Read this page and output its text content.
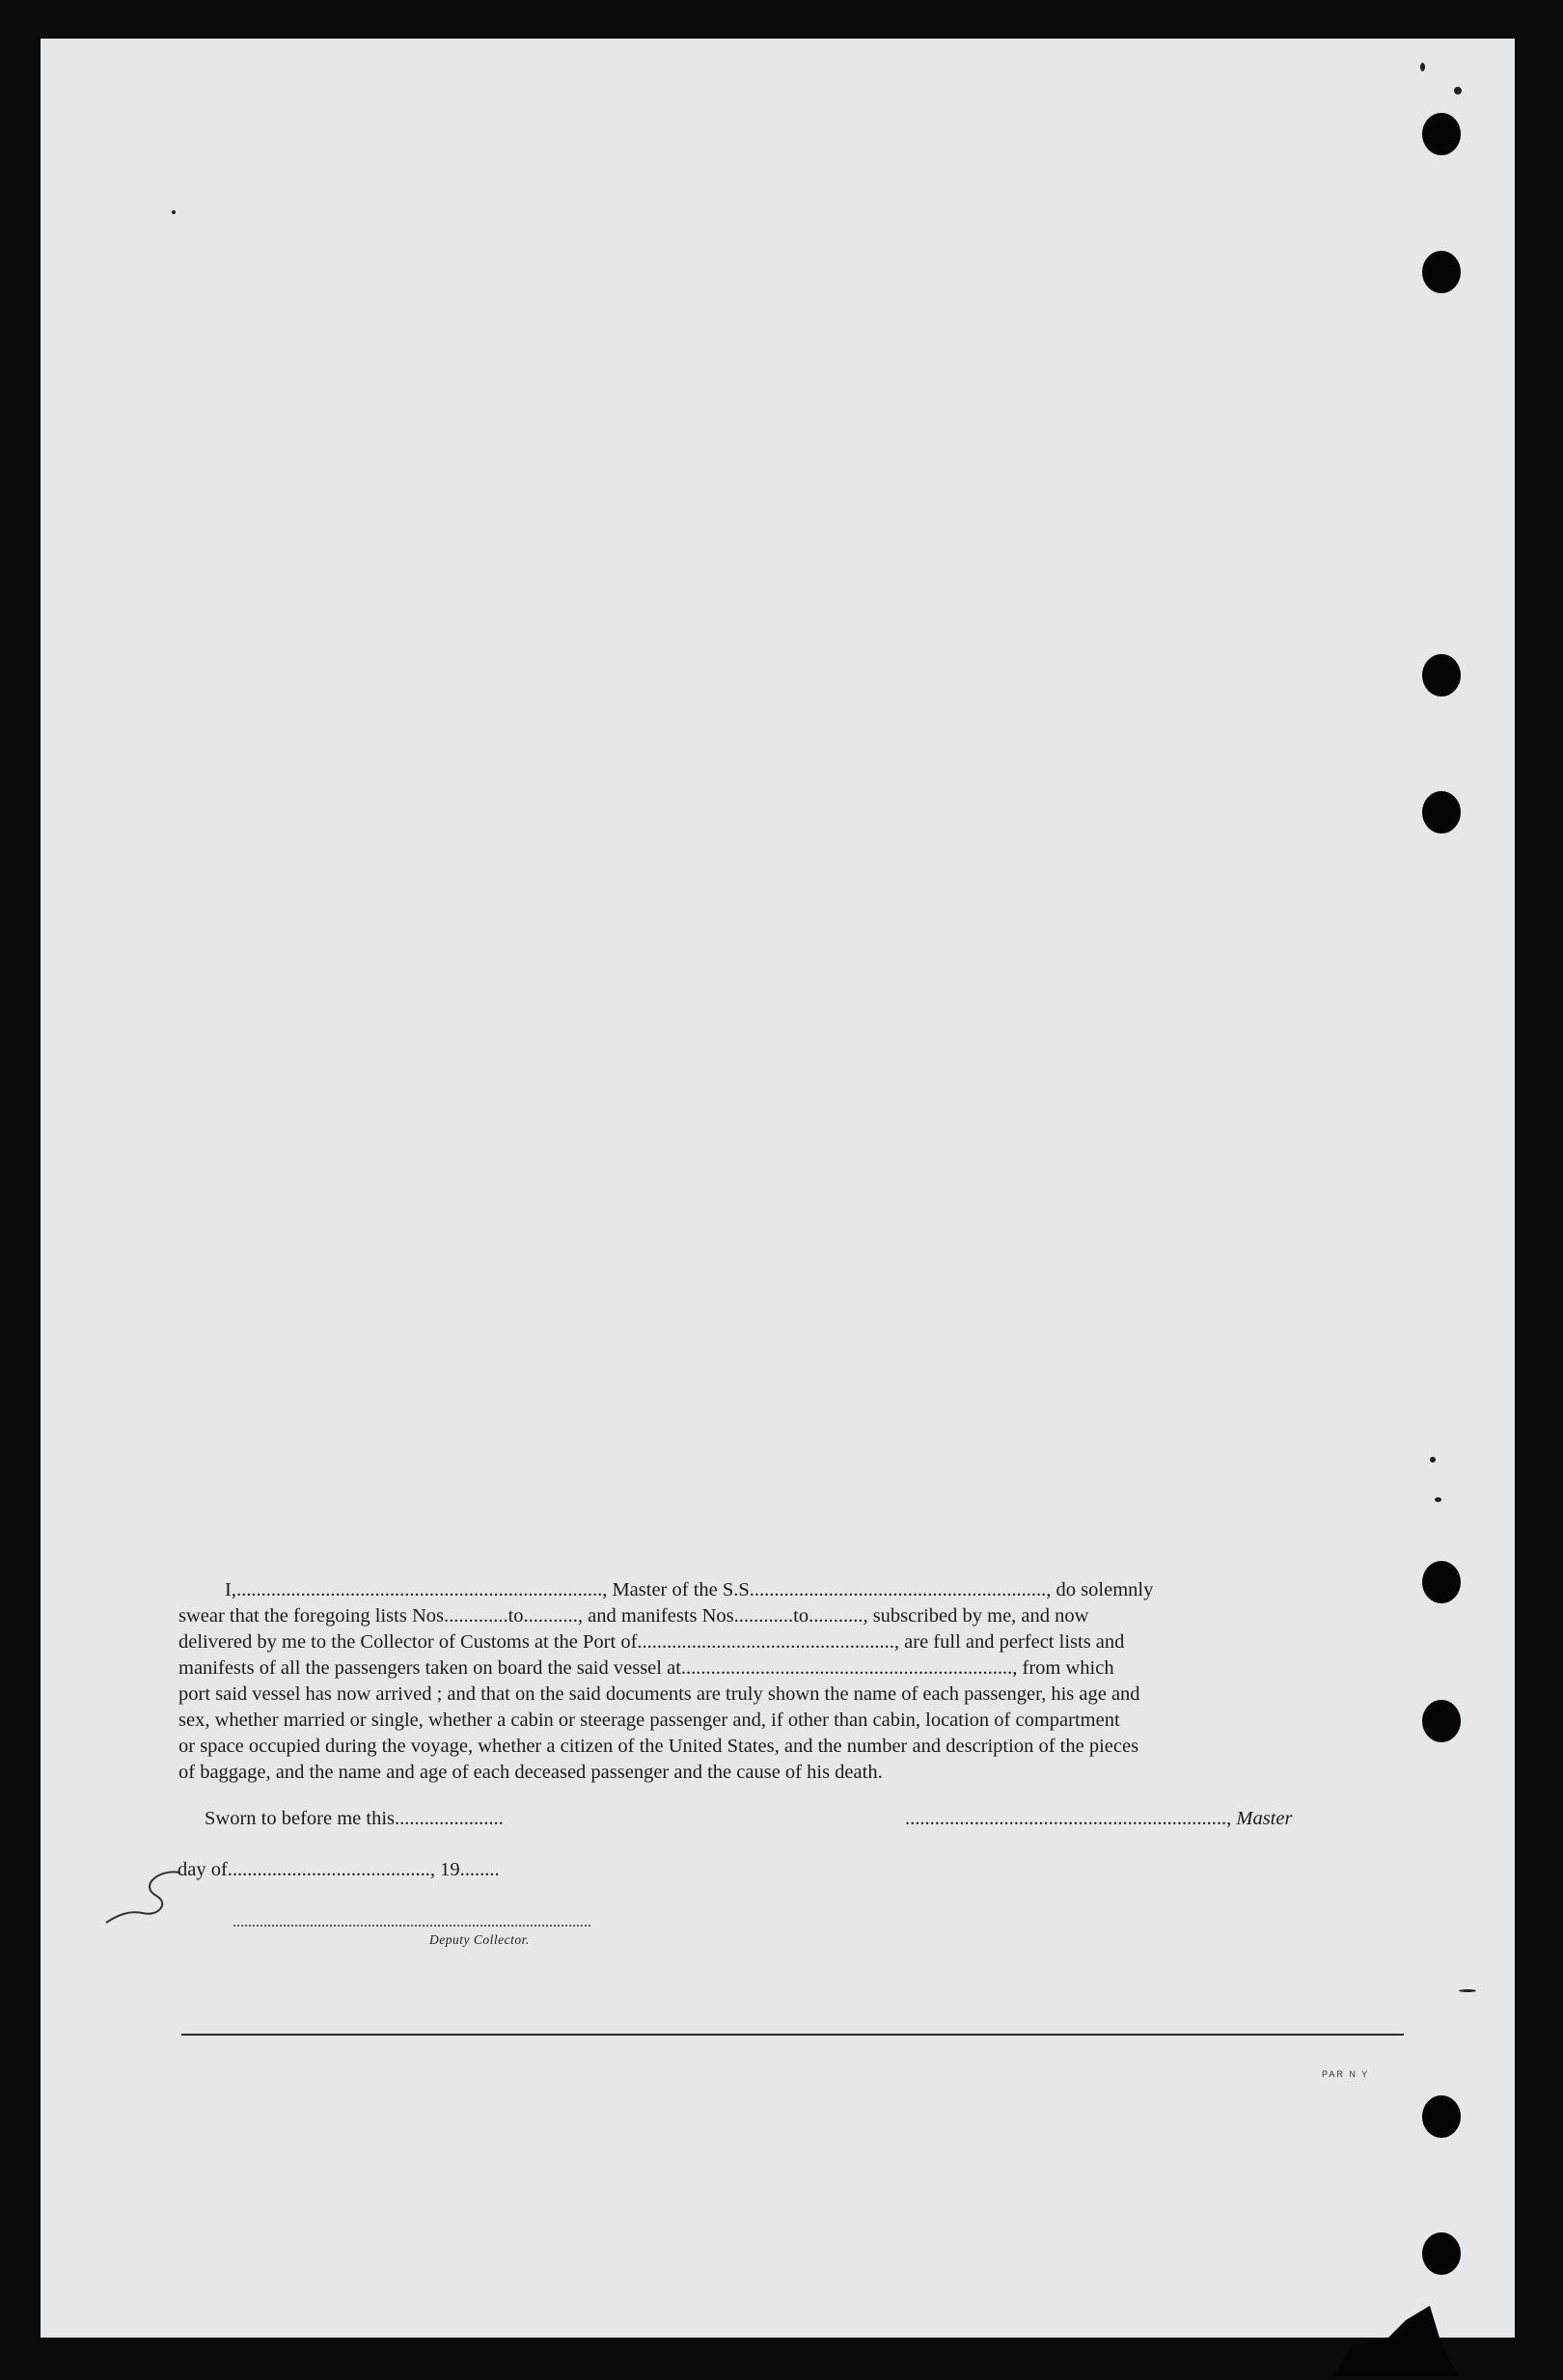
I,.........................................................................., Master of the S.S............................................................, do solemnly
swear that the foregoing lists Nos.............to..........., and manifests Nos............to..........., subscribed by me, and now
delivered by me to the Collector of Customs at the Port of...................................................., are full and perfect lists and
manifests of all the passengers taken on board the said vessel at..................................................................., from which
port said vessel has now arrived ; and that on the said documents are truly shown the name of each passenger, his age and
sex, whether married or single, whether a cabin or steerage passenger and, if other than cabin, location of compartment
or space occupied during the voyage, whether a citizen of the United States, and the number and description of the pieces
of baggage, and the name and age of each deceased passenger and the cause of his death.
Sworn to before me this......................	................................................................., Master
day of........................................., 19........
Deputy Collector.
PAR N Y
